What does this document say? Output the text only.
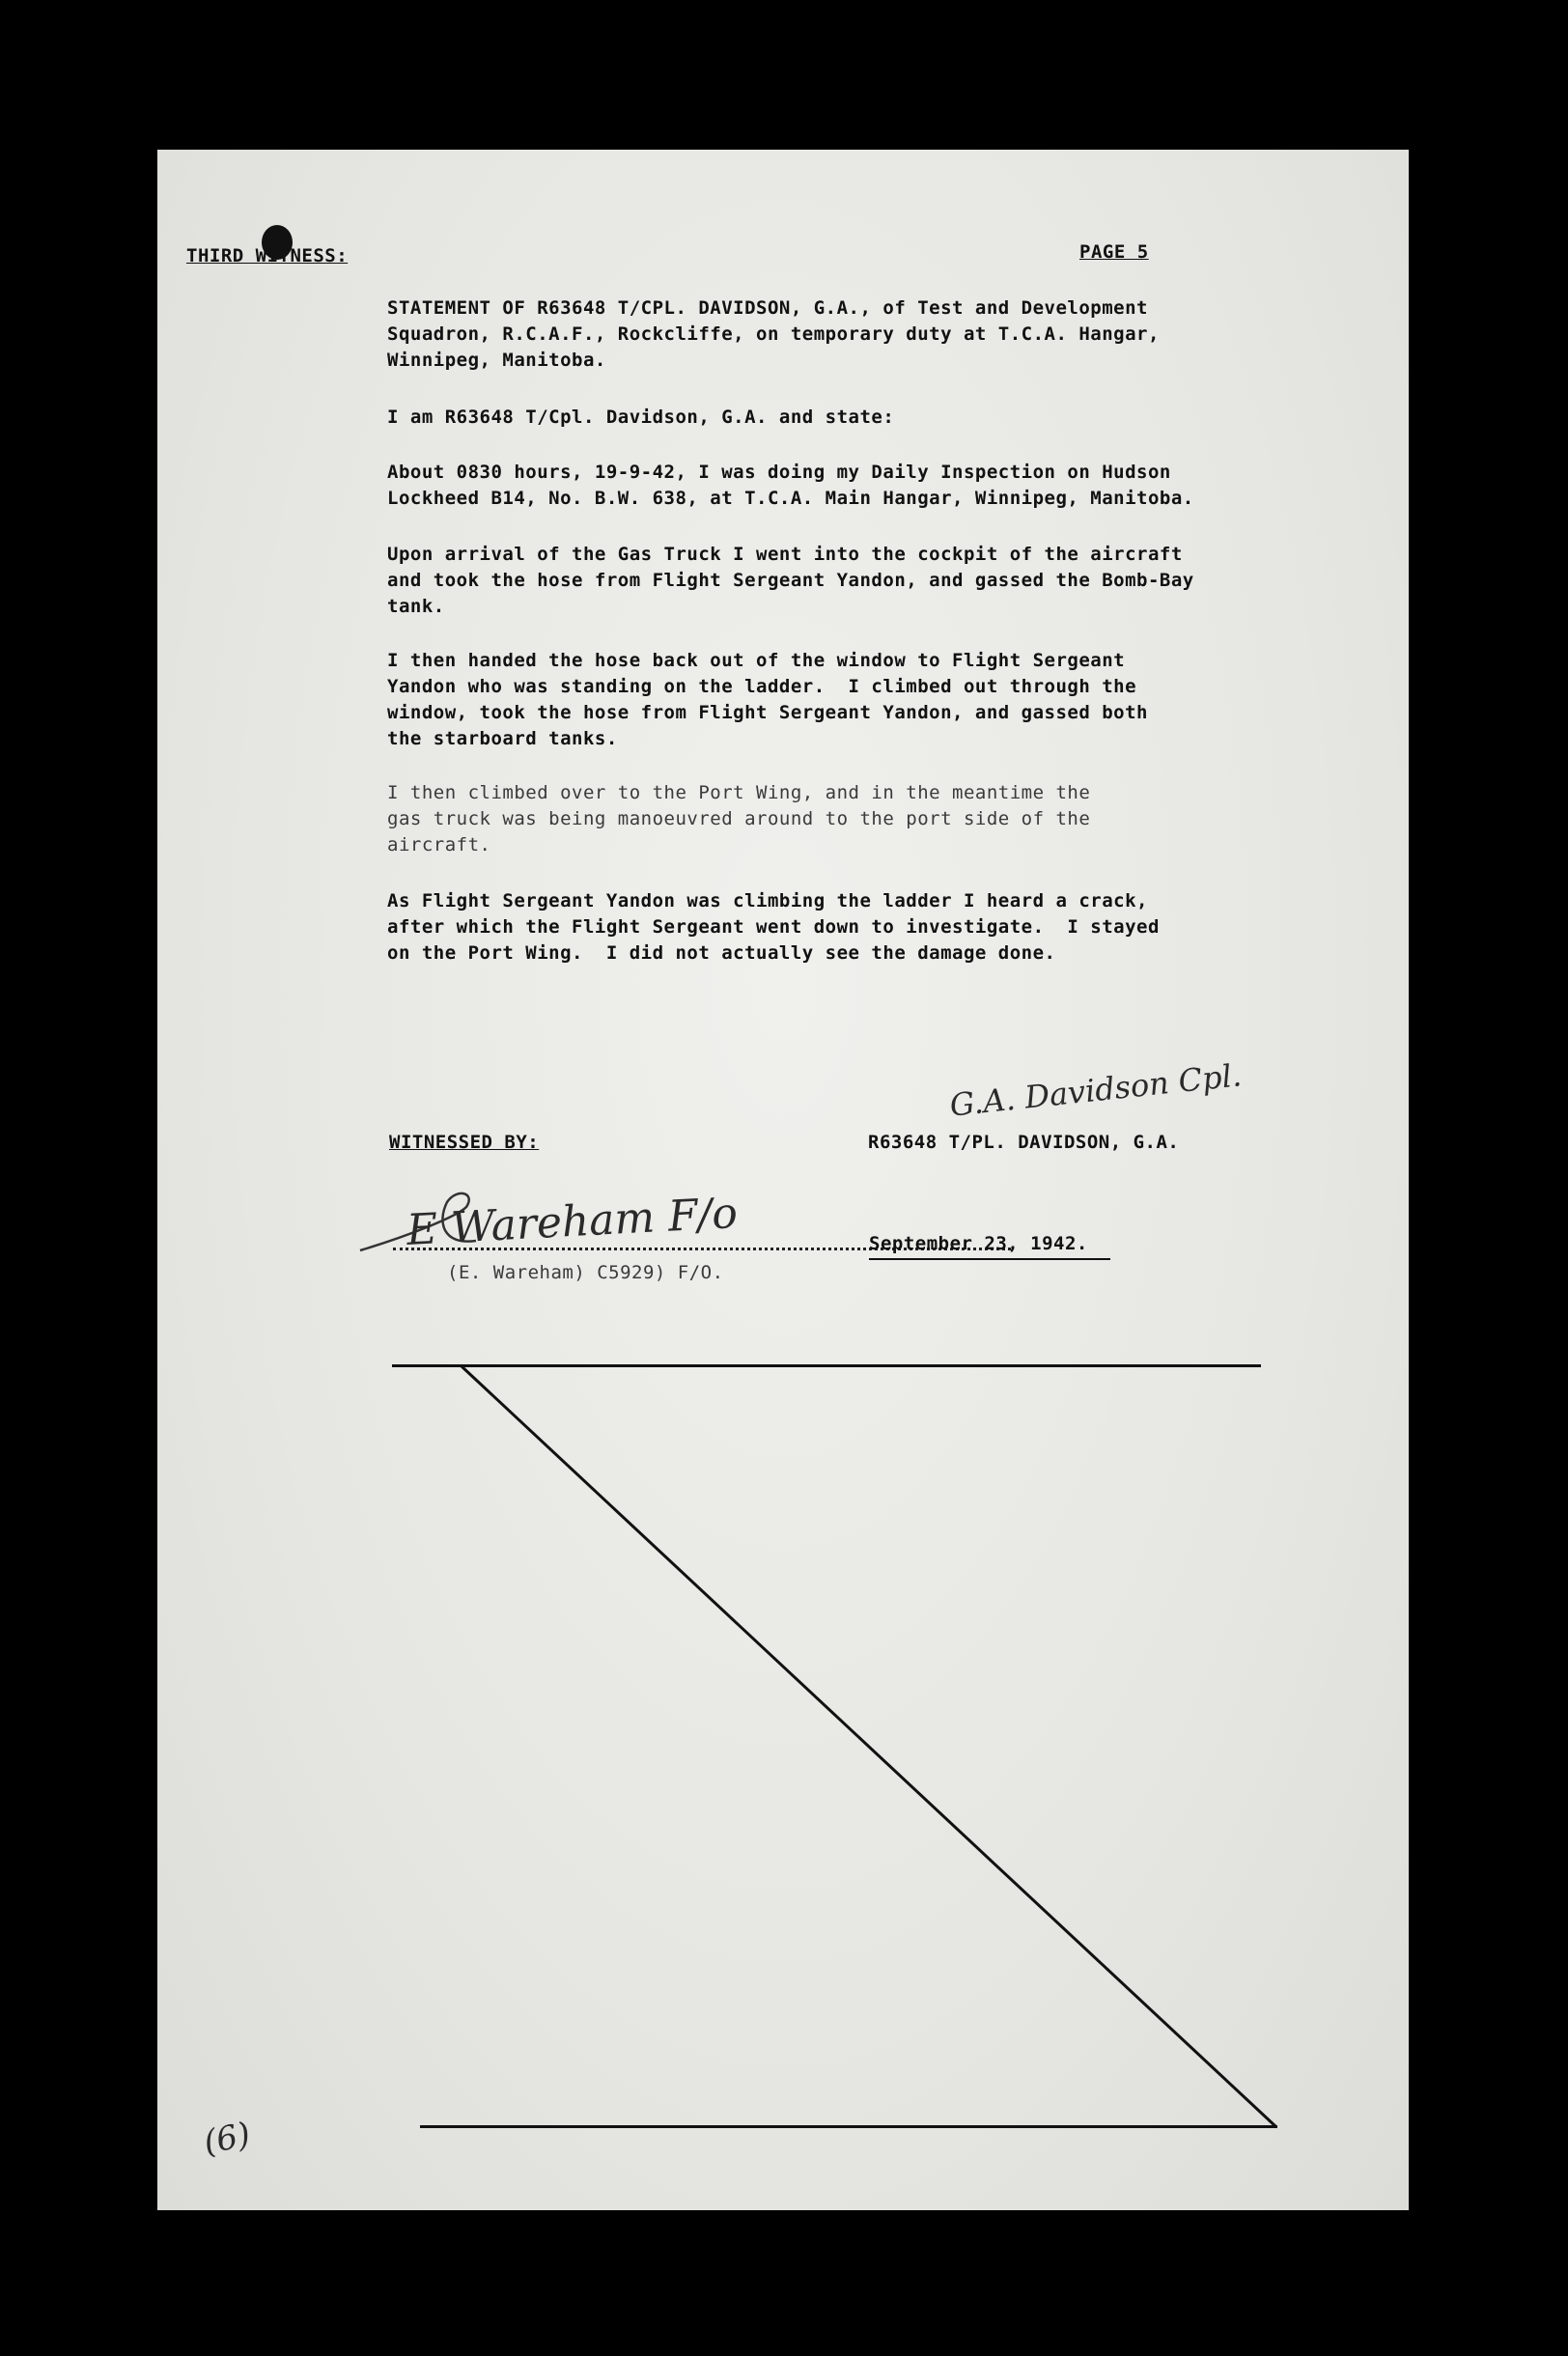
THIRD WITNESS:	PAGE 5
STATEMENT OF R63648 T/CPL. DAVIDSON, G.A., of Test and Development
Squadron, R.C.A.F., Rockcliffe, on temporary duty at T.C.A. Hangar,
Winnipeg, Manitoba.
I am R63648 T/Cpl. Davidson, G.A. and state:
About 0830 hours, 19-9-42, I was doing my Daily Inspection on Hudson
Lockheed B14, No. B.W. 638, at T.C.A. Main Hangar, Winnipeg, Manitoba.
Upon arrival of the Gas Truck I went into the cockpit of the aircraft
and took the hose from Flight Sergeant Yandon, and gassed the Bomb-Bay
tank.
I then handed the hose back out of the window to Flight Sergeant
Yandon who was standing on the ladder.  I climbed out through the
window, took the hose from Flight Sergeant Yandon, and gassed both
the starboard tanks.
I then climbed over to the Port Wing, and in the meantime the
gas truck was being manoeuvred around to the port side of the
aircraft.
As Flight Sergeant Yandon was climbing the ladder I heard a crack,
after which the Flight Sergeant went down to investigate.  I stayed
on the Port Wing.  I did not actually see the damage done.
G.A. Davidson Cpl.
WITNESSED BY:	R63648 T/PL. DAVIDSON, G.A.
E Wareham F/o	September 23, 1942.
(E. Wareham) C5929) F/O.
(6)
